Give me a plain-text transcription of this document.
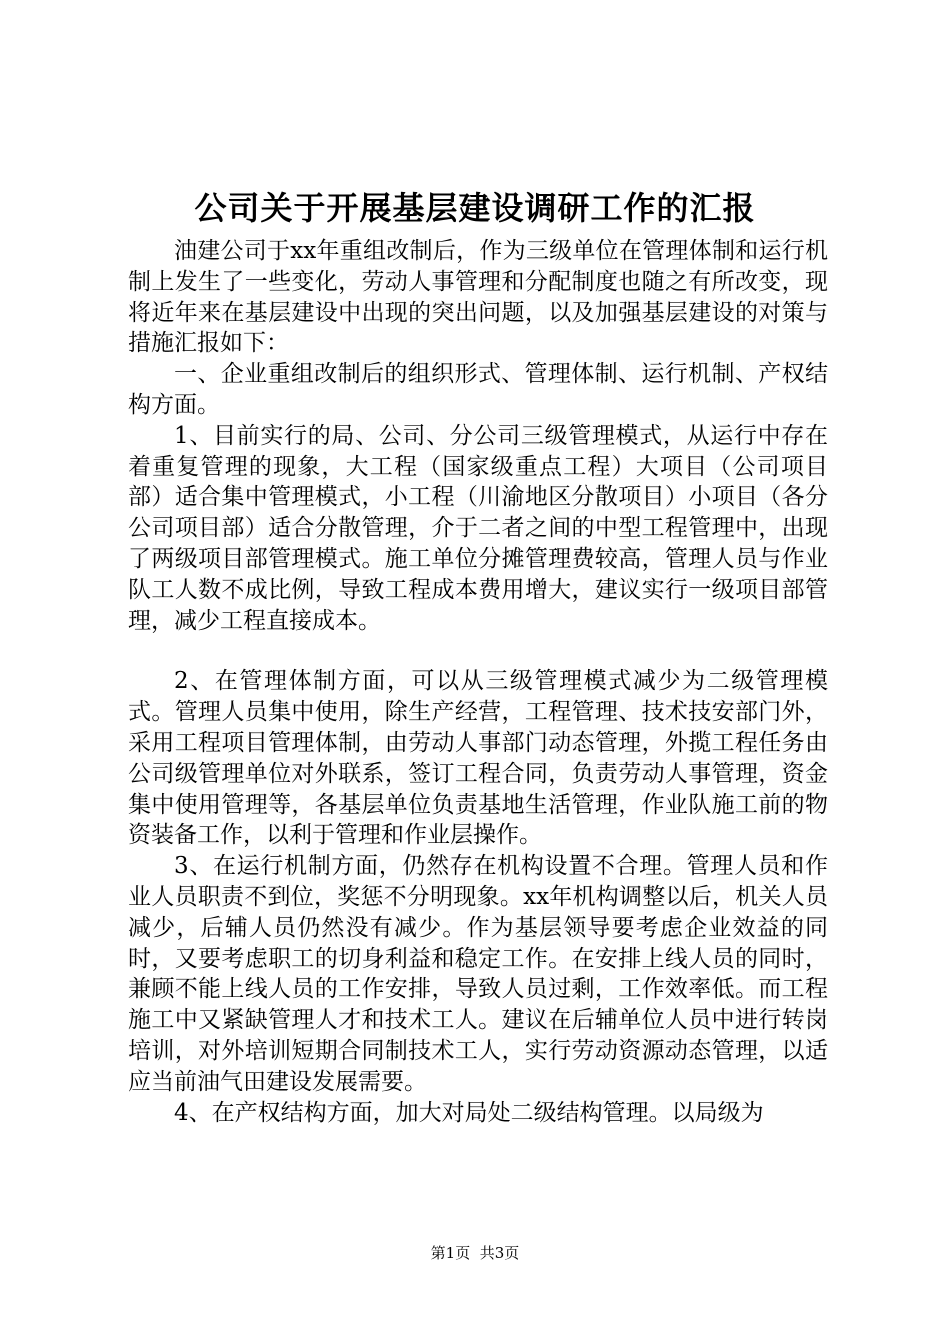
公司关于开展基层建设调研工作的汇报

油建公司于xx年重组改制后，作为三级单位在管理体制和运行机制上发生了一些变化，劳动人事管理和分配制度也随之有所改变，现将近年来在基层建设中出现的突出问题，以及加强基层建设的对策与措施汇报如下：

一、企业重组改制后的组织形式、管理体制、运行机制、产权结构方面。

1、目前实行的局、公司、分公司三级管理模式，从运行中存在着重复管理的现象，大工程（国家级重点工程）大项目（公司项目部）适合集中管理模式，小工程（川渝地区分散项目）小项目（各分公司项目部）适合分散管理，介于二者之间的中型工程管理中，出现了两级项目部管理模式。施工单位分摊管理费较高，管理人员与作业队工人数不成比例，导致工程成本费用增大，建议实行一级项目部管理，减少工程直接成本。

2、在管理体制方面，可以从三级管理模式减少为二级管理模式。管理人员集中使用，除生产经营，工程管理、技术技安部门外，采用工程项目管理体制，由劳动人事部门动态管理，外揽工程任务由公司级管理单位对外联系，签订工程合同，负责劳动人事管理，资金集中使用管理等，各基层单位负责基地生活管理，作业队施工前的物资装备工作，以利于管理和作业层操作。

3、在运行机制方面，仍然存在机构设置不合理。管理人员和作业人员职责不到位，奖惩不分明现象。xx年机构调整以后，机关人员减少，后辅人员仍然没有减少。作为基层领导要考虑企业效益的同时，又要考虑职工的切身利益和稳定工作。在安排上线人员的同时，兼顾不能上线人员的工作安排，导致人员过剩，工作效率低。而工程施工中又紧缺管理人才和技术工人。建议在后辅单位人员中进行转岗培训，对外培训短期合同制技术工人，实行劳动资源动态管理，以适应当前油气田建设发展需要。

4、在产权结构方面，加大对局处二级结构管理。以局级为

第1页 共3页
